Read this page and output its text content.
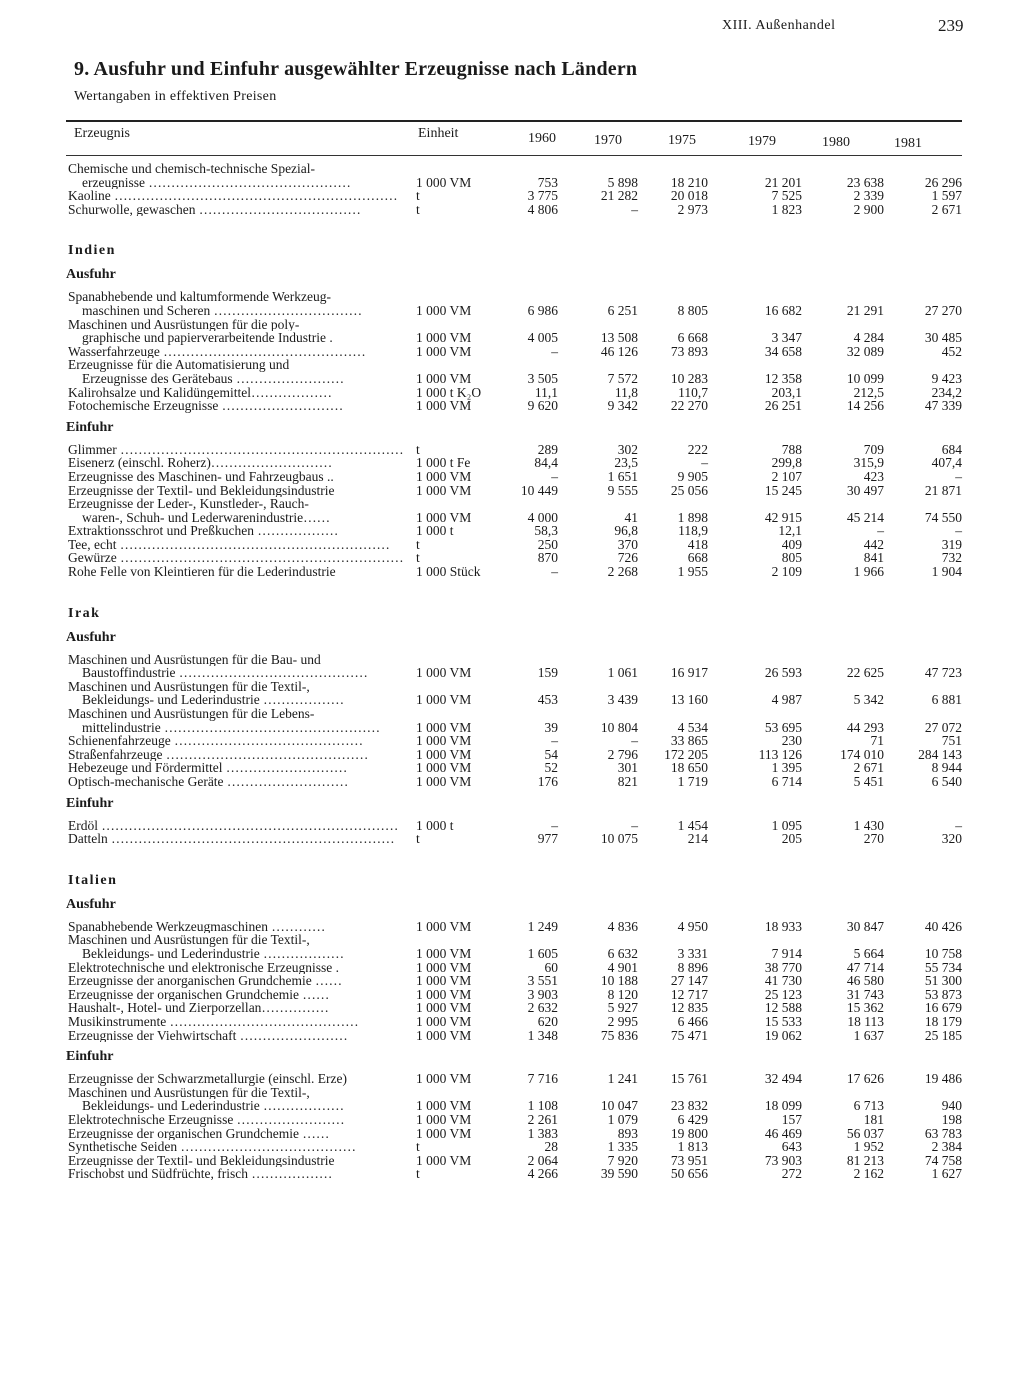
XIII. Außenhandel	239
9. Ausfuhr und Einfuhr ausgewählter Erzeugnisse nach Ländern
Wertangaben in effektiven Preisen
Erzeugnis	Einheit	1960	1970	1975	1979	1980	1981
Chemische und chemisch-technische Spezial-
erzeugnisse ………………………………………	1 000 VM	753	5 898	18 210	21 201	23 638	26 296
Kaoline ………………………………………………………	t	3 775	21 282	20 018	7 525	2 339	1 597
Schurwolle, gewaschen ………………………………	t	4 806	–	2 973	1 823	2 900	2 671
Indien
Ausfuhr
Spanabhebende und kaltumformende Werkzeug-
maschinen und Scheren ……………………………	1 000 VM	6 986	6 251	8 805	16 682	21 291	27 270
Maschinen und Ausrüstungen für die poly-
graphische und papierverarbeitende Industrie .	1 000 VM	4 005	13 508	6 668	3 347	4 284	30 485
Wasserfahrzeuge ………………………………………	1 000 VM	–	46 126	73 893	34 658	32 089	452
Erzeugnisse für die Automatisierung und
Erzeugnisse des Gerätebaus ……………………	1 000 VM	3 505	7 572	10 283	12 358	10 099	9 423
Kalirohsalze und Kalidüngemittel………………	1 000 t K₂O	11,1	11,8	110,7	203,1	212,5	234,2
Fotochemische Erzeugnisse ………………………	1 000 VM	9 620	9 342	22 270	26 251	14 256	47 339
Einfuhr
Glimmer ……………………………………………………… t	289	302	222	788	709	684
Eisenerz (einschl. Roherz)………………………	1 000 t Fe	84,4	23,5	–	299,8	315,9	407,4
Erzeugnisse des Maschinen- und Fahrzeugbaus ..	1 000 VM	–	1 651	9 905	2 107	423	–
Erzeugnisse der Textil- und Bekleidungsindustrie	1 000 VM	10 449	9 555	25 056	15 245	30 497	21 871
Erzeugnisse der Leder-, Kunstleder-, Rauch-
waren-, Schuh- und Lederwarenindustrie……	1 000 VM	4 000	41	1 898	42 915	45 214	74 550
Extraktionsschrot und Preßkuchen ………………	1 000 t	58,3	96,8	118,9	12,1	–	–
Tee, echt ……………………………………………………	t	250	370	418	409	442	319
Gewürze ……………………………………………………… t	870	726	668	805	841	732
Rohe Felle von Kleintieren für die Lederindustrie	1 000 Stück	–	2 268	1 955	2 109	1 966	1 904
Irak
Ausfuhr
Maschinen und Ausrüstungen für die Bau- und
Baustoffindustrie ……………………………………	1 000 VM	159	1 061	16 917	26 593	22 625	47 723
Maschinen und Ausrüstungen für die Textil-,
Bekleidungs- und Lederindustrie ………………	1 000 VM	453	3 439	13 160	4 987	5 342	6 881
Maschinen und Ausrüstungen für die Lebens-
mittelindustrie …………………………………………	1 000 VM	39	10 804	4 534	53 695	44 293	27 072
Schienenfahrzeuge ……………………………………	1 000 VM	–	–	33 865	230	71	751
Straßenfahrzeuge ………………………………………	1 000 VM	54	2 796	172 205	113 126	174 010	284 143
Hebezeuge und Fördermittel ………………………	1 000 VM	52	301	18 650	1 395	2 671	8 944
Optisch-mechanische Geräte ………………………	1 000 VM	176	821	1 719	6 714	5 451	6 540
Einfuhr
Erdöl …………………………………………………………	1 000 t	–	–	1 454	1 095	1 430	–
Datteln ………………………………………………………	t	977	10 075	214	205	270	320
Italien
Ausfuhr
Spanabhebende Werkzeugmaschinen …………	1 000 VM	1 249	4 836	4 950	18 933	30 847	40 426
Maschinen und Ausrüstungen für die Textil-,
Bekleidungs- und Lederindustrie ………………	1 000 VM	1 605	6 632	3 331	7 914	5 664	10 758
Elektrotechnische und elektronische Erzeugnisse .	1 000 VM	60	4 901	8 896	38 770	47 714	55 734
Erzeugnisse der anorganischen Grundchemie ……	1 000 VM	3 551	10 188	27 147	41 730	46 580	51 300
Erzeugnisse der organischen Grundchemie ……	1 000 VM	3 903	8 120	12 717	25 123	31 743	53 873
Haushalt-, Hotel- und Zierporzellan……………	1 000 VM	2 632	5 927	12 835	12 588	15 362	16 679
Musikinstrumente ……………………………………	1 000 VM	620	2 995	6 466	15 533	18 113	18 179
Erzeugnisse der Viehwirtschaft ……………………	1 000 VM	1 348	75 836	75 471	19 062	1 637	25 185
Einfuhr
Erzeugnisse der Schwarzmetallurgie (einschl. Erze)	1 000 VM	7 716	1 241	15 761	32 494	17 626	19 486
Maschinen und Ausrüstungen für die Textil-,
Bekleidungs- und Lederindustrie ………………	1 000 VM	1 108	10 047	23 832	18 099	6 713	940
Elektrotechnische Erzeugnisse ……………………	1 000 VM	2 261	1 079	6 429	157	181	198
Erzeugnisse der organischen Grundchemie ……	1 000 VM	1 383	893	19 800	46 469	56 037	63 783
Synthetische Seiden …………………………………	t	28	1 335	1 813	643	1 952	2 384
Erzeugnisse der Textil- und Bekleidungsindustrie	1 000 VM	2 064	7 920	73 951	73 903	81 213	74 758
Frischobst und Südfrüchte, frisch ………………	t	4 266	39 590	50 656	272	2 162	1 627
